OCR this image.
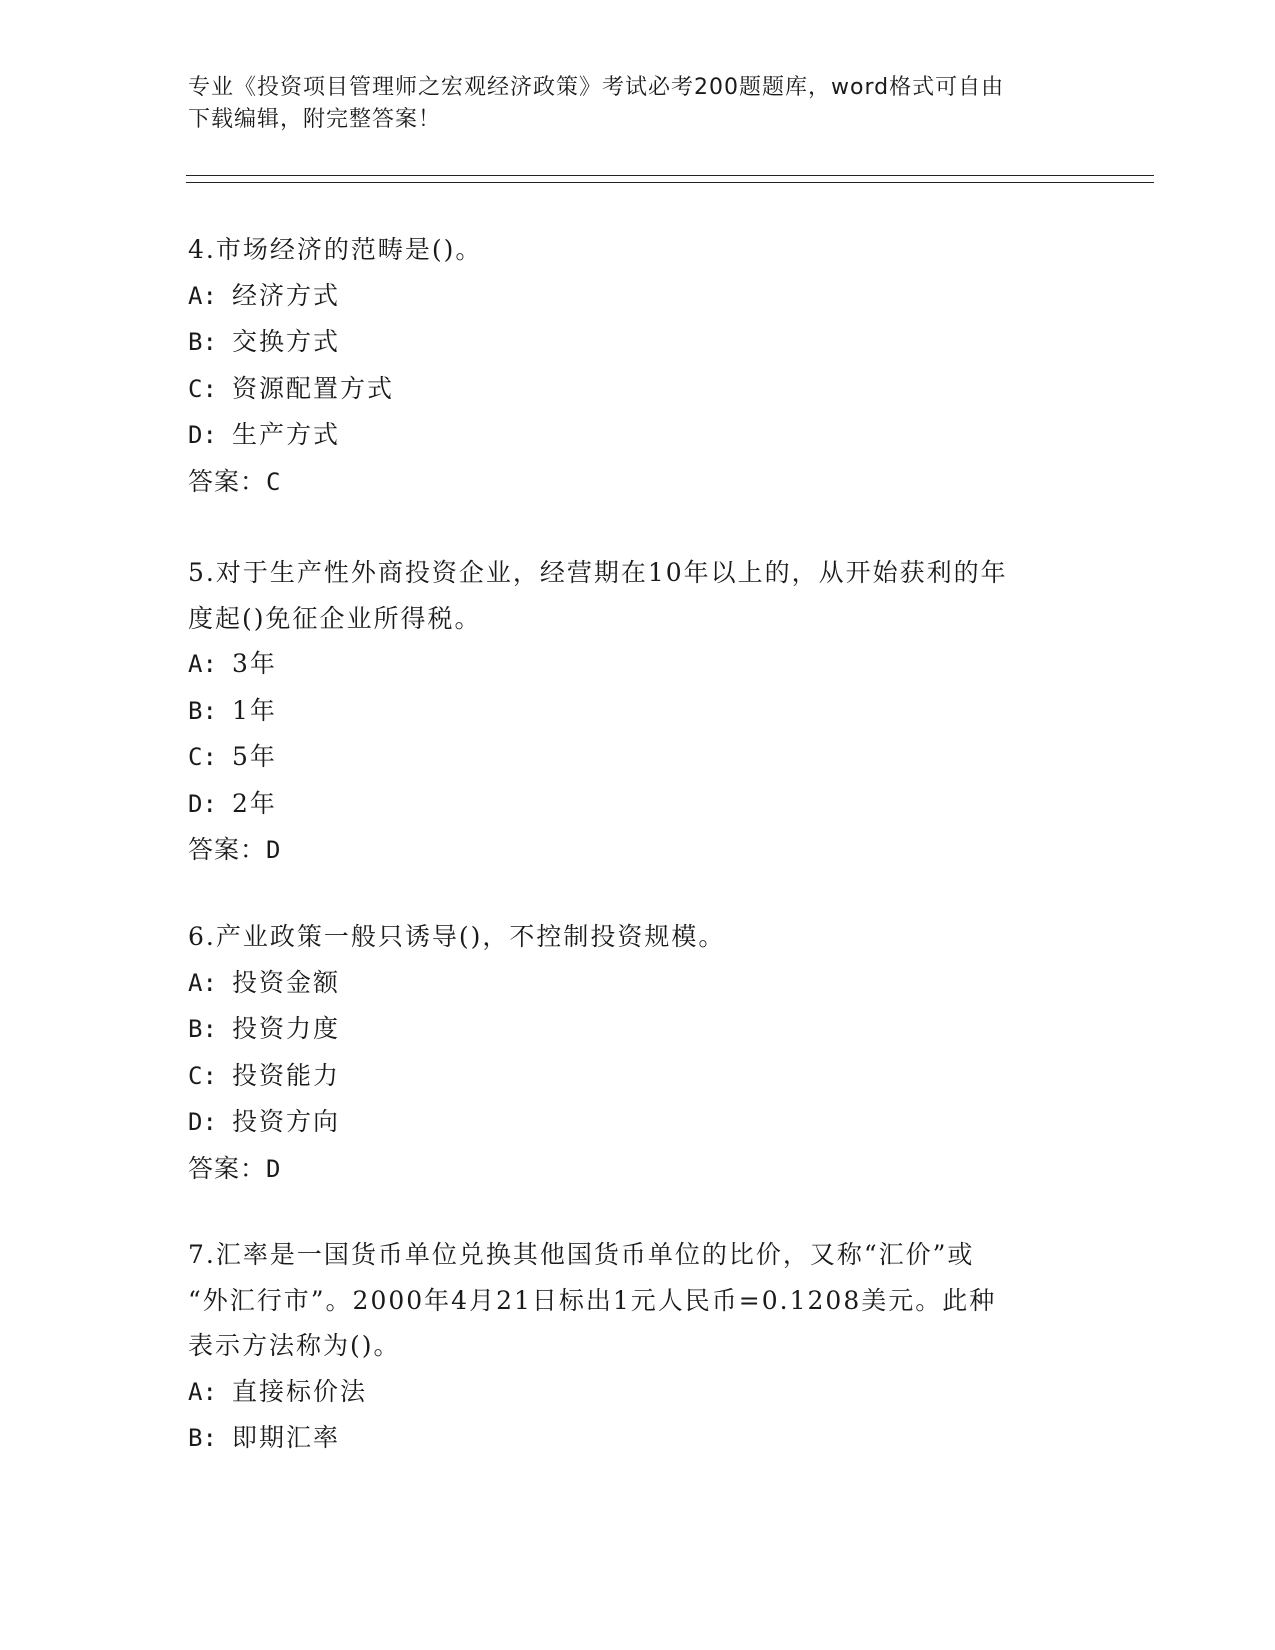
专业《投资项目管理师之宏观经济政策》考试必考200题题库，word格式可自由
下载编辑，附完整答案！
4.市场经济的范畴是()。
A: 经济方式
B: 交换方式
C: 资源配置方式
D: 生产方式
答案：C
5.对于生产性外商投资企业，经营期在10年以上的，从开始获利的年
度起()免征企业所得税。
A: 3年
B: 1年
C: 5年
D: 2年
答案：D
6.产业政策一般只诱导()，不控制投资规模。
A: 投资金额
B: 投资力度
C: 投资能力
D: 投资方向
答案：D
7.汇率是一国货币单位兑换其他国货币单位的比价，又称“汇价”或
“外汇行市”。2000年4月21日标出1元人民币=0.1208美元。此种
表示方法称为()。
A: 直接标价法
B: 即期汇率
